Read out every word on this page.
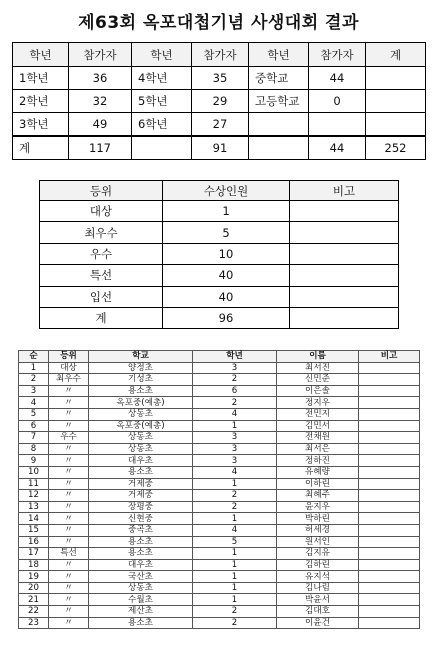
제63회 옥포대첩기념 사생대회 결과
학년	참가자	학년	참가자	학년	참가자	계
1학년	36	4학년	35	중학교	44	
2학년	32	5학년	29	고등학교	0	
3학년	49	6학년	27			
계	117		91		44	252
등위	수상인원	비고
대상	1	
최우수	5	
우수	10	
특선	40	
입선	40	
계	96	
순	등위	학교	학년	이름	비고
1	대상	양정초	3	최서진	
2	최우수	기성초	2	신민준	
3	〃	용소초	6	이은솔	
4	〃	옥포중(예총)	2	정지우	
5	〃	상동초	4	전민지	
6	〃	옥포중(예총)	1	김민서	
7	우수	상동초	3	전채원	
8	〃	상동초	3	최서은	
9	〃	대우초	3	정하진	
10	〃	용소초	4	유혜량	
11	〃	거제중	1	이하린	
12	〃	거제중	2	최혜주	
13	〃	장평중	2	윤지우	
14	〃	신현중	1	박하린	
15	〃	중곡초	4	허세경	
16	〃	용소초	5	원서인	
17	특선	용소초	1	김지유	
18	〃	대우초	1	김하린	
19	〃	국산초	1	유지석	
20	〃	상동초	1	김나림	
21	〃	수월초	1	박윤서	
22	〃	제산초	2	김대호	
23	〃	용소초	2	이윤건	
